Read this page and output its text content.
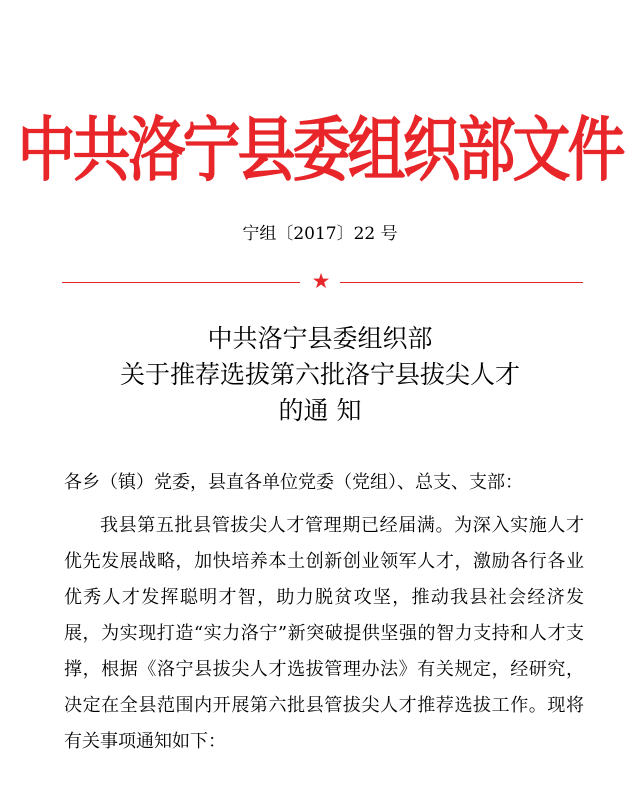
中共洛宁县委组织部文件
宁组〔2017〕22 号
★
中共洛宁县委组织部
关于推荐选拔第六批洛宁县拔尖人才
的通 知
各乡（镇）党委，县直各单位党委（党组）、总支、支部：
我县第五批县管拔尖人才管理期已经届满。为深入实施人才优先发展战略，加快培养本土创新创业领军人才，激励各行各业优秀人才发挥聪明才智，助力脱贫攻坚，推动我县社会经济发展，为实现打造“实力洛宁”新突破提供坚强的智力支持和人才支撑，根据《洛宁县拔尖人才选拔管理办法》有关规定，经研究，决定在全县范围内开展第六批县管拔尖人才推荐选拔工作。现将有关事项通知如下：
